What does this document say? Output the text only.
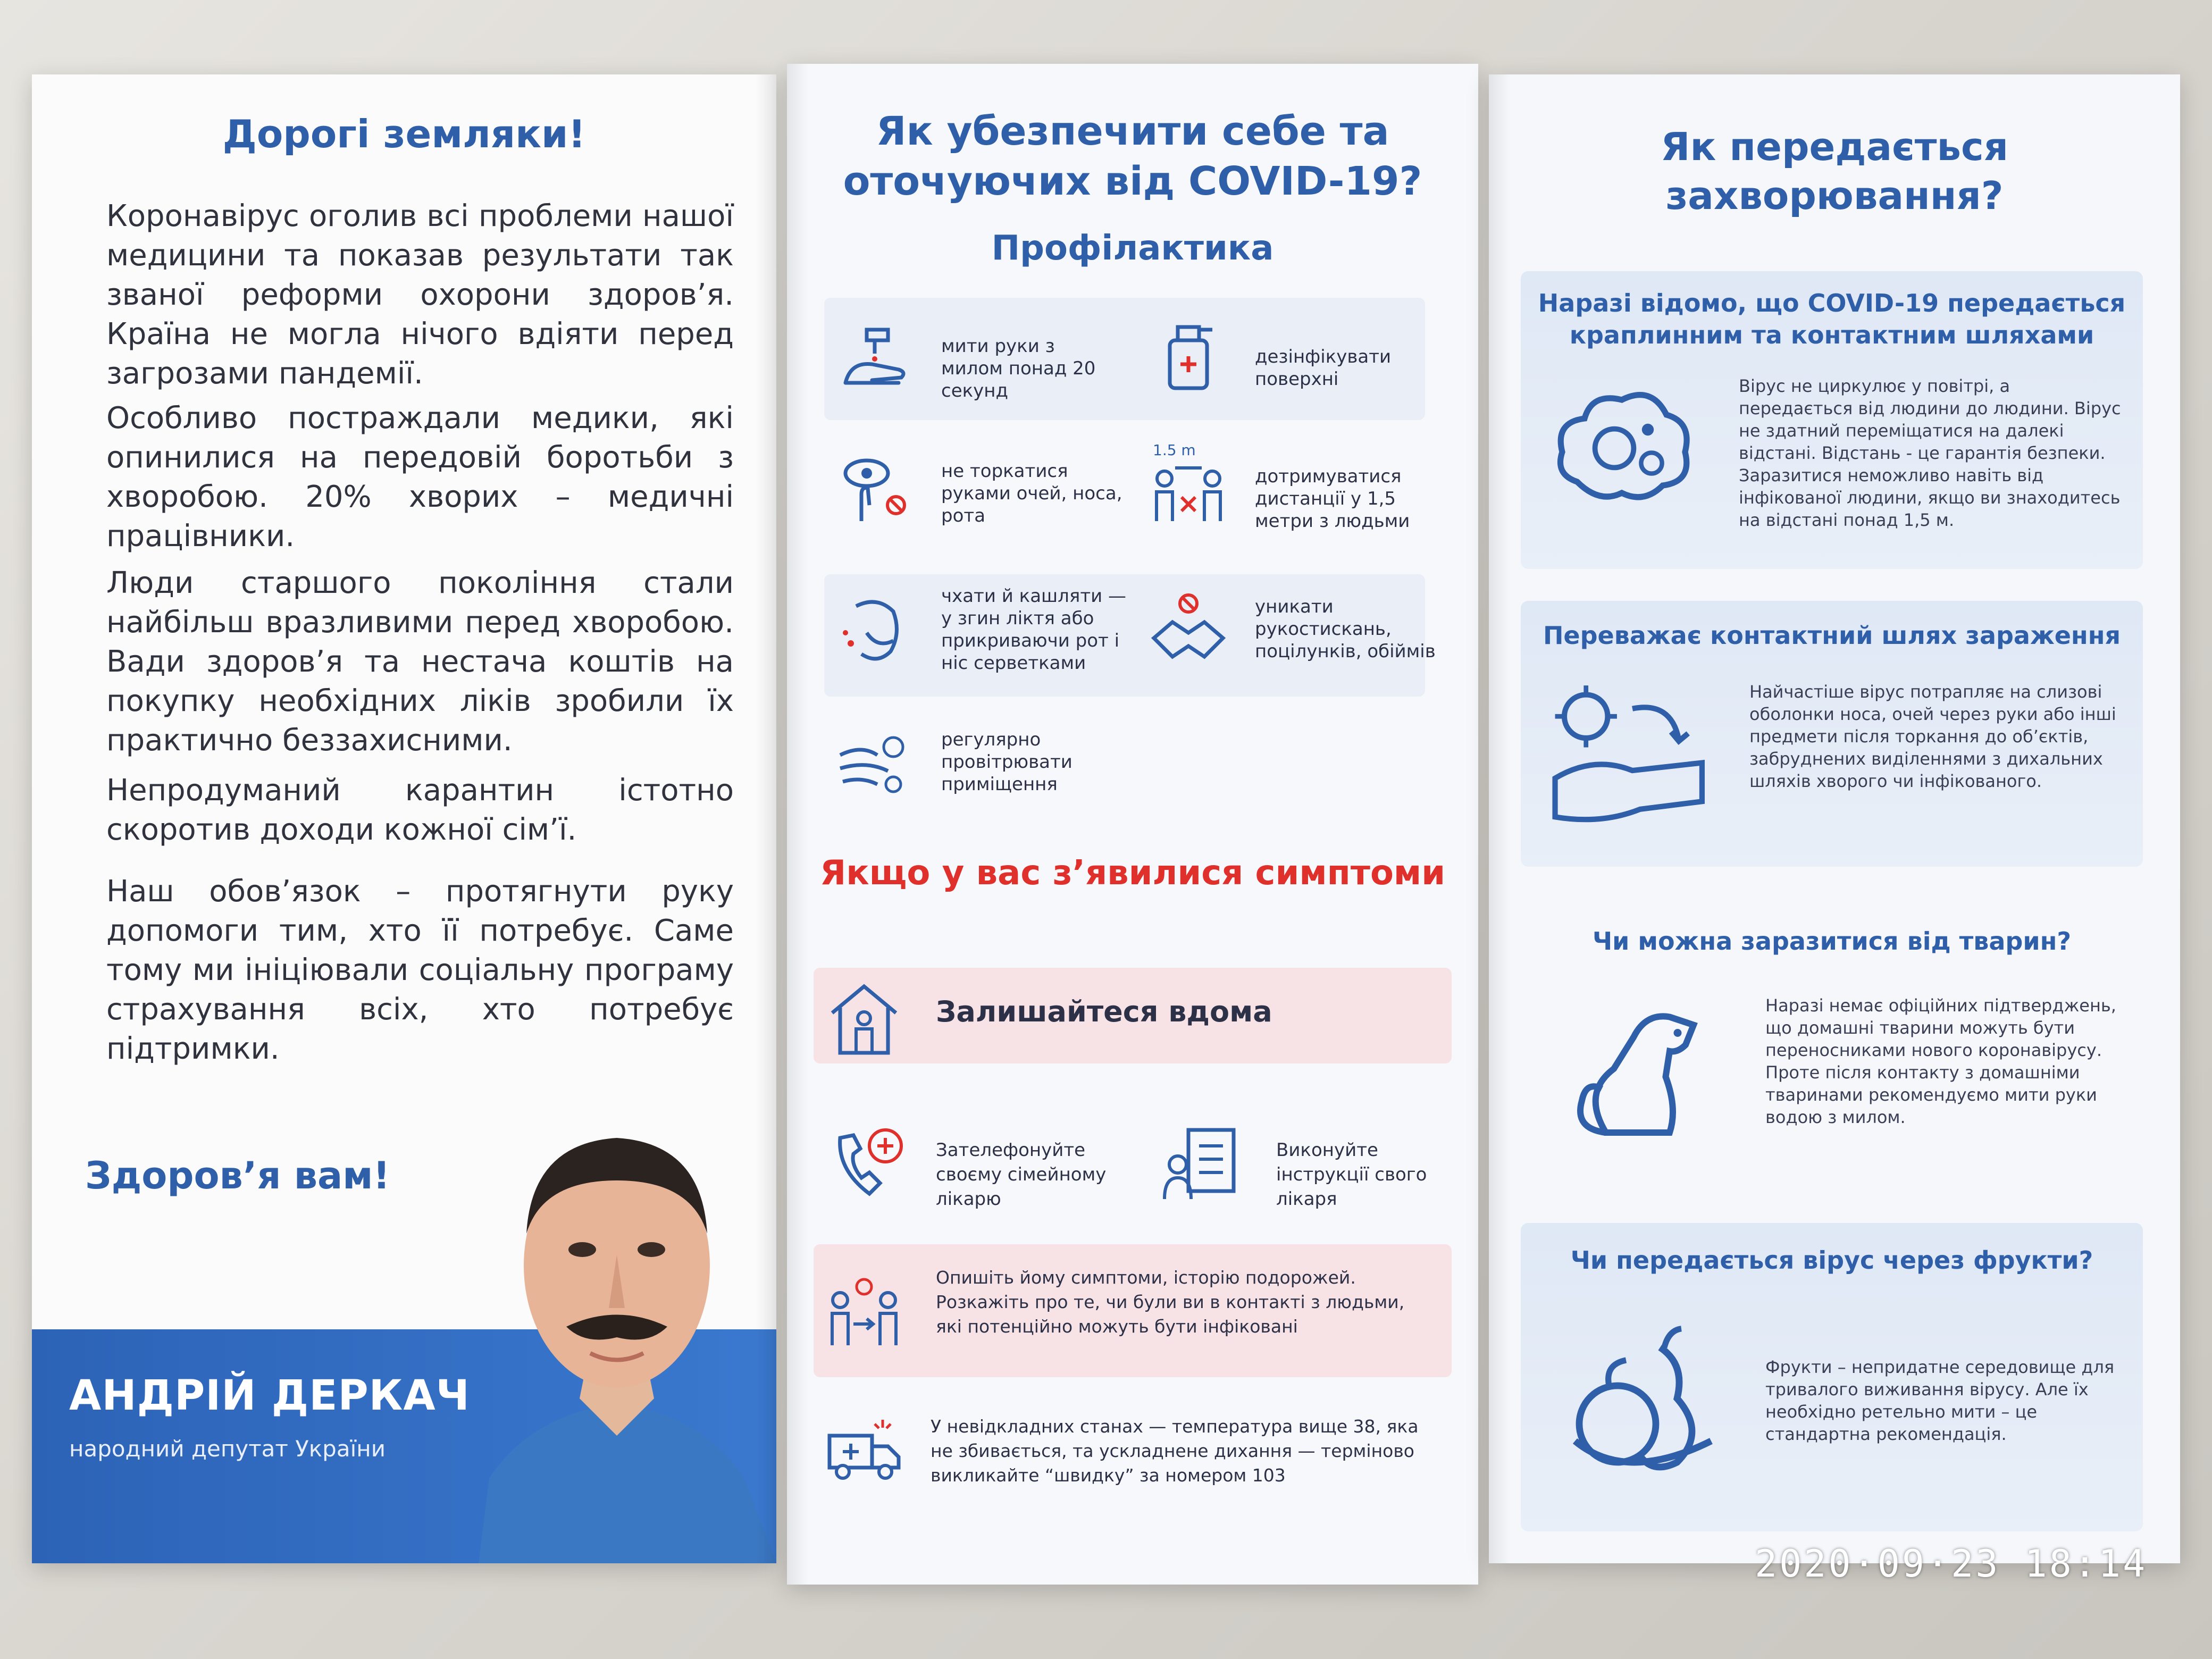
Дорогі земляки!
Коронавірус оголив всі проблеми нашої медицини та показав результати так званої реформи охорони здоров’я. Країна не могла нічого вдіяти перед загрозами пандемії.
Особливо постраждали медики, які опинилися на передовій боротьби з хворобою. 20% хворих – медичні працівники.
Люди старшого покоління стали найбільш вразливими перед хворобою. Вади здоров’я та нестача коштів на покупку необхідних ліків зробили їх практично беззахисними.
Непродуманий карантин істотно скоротив доходи кожної сім’ї.
Наш обов’язок – протягнути руку допомоги тим, хто її потребує. Саме тому ми ініціювали соціальну програму страхування всіх, хто потребує підтримки.
Здоров’я вам!
АНДРІЙ ДЕРКАЧ
народний депутат України
Як убезпечити себе та оточуючих від COVID-19?
Профілактика
мити руки з милом понад 20 секунд
дезінфікувати поверхні
не торкатися руками очей, носа, рота
1.5 m
дотримуватися дистанції у 1,5 метри з людьми
чхати й кашляти — у згин ліктя або прикриваючи рот і ніс серветками
уникати рукостискань, поцілунків, обіймів
регулярно провітрювати приміщення
Якщо у вас з’явилися симптоми
Залишайтеся вдома
Зателефонуйте своєму сімейному лікарю
Виконуйте інструкції свого лікаря
Опишіть йому симптоми, історію подорожей. Розкажіть про те, чи були ви в контакті з людьми, які потенційно можуть бути інфіковані
У невідкладних станах — температура вище 38, яка не збивається, та ускладнене дихання — терміново викликайте “швидку” за номером 103
Як передається захворювання?
Наразі відомо, що COVID-19 передається краплинним та контактним шляхами
Вірус не циркулює у повітрі, а передається від людини до людини. Вірус не здатний переміщатися на далекі відстані. Відстань - це гарантія безпеки. Заразитися неможливо навіть від інфікованої людини, якщо ви знаходитесь на відстані понад 1,5 м.
Переважає контактний шлях зараження
Найчастіше вірус потрапляє на слизові оболонки носа, очей через руки або інші предмети після торкання до об’єктів, забруднених виділеннями з дихальних шляхів хворого чи інфікованого.
Чи можна заразитися від тварин?
Наразі немає офіційних підтверджень, що домашні тварини можуть бути переносниками нового коронавірусу. Проте після контакту з домашніми тваринами рекомендуємо мити руки водою з милом.
Чи передається вірус через фрукти?
Фрукти – непридатне середовище для тривалого виживання вірусу. Але їх необхідно ретельно мити – це стандартна рекомендація.
2020·09·23 18:14
